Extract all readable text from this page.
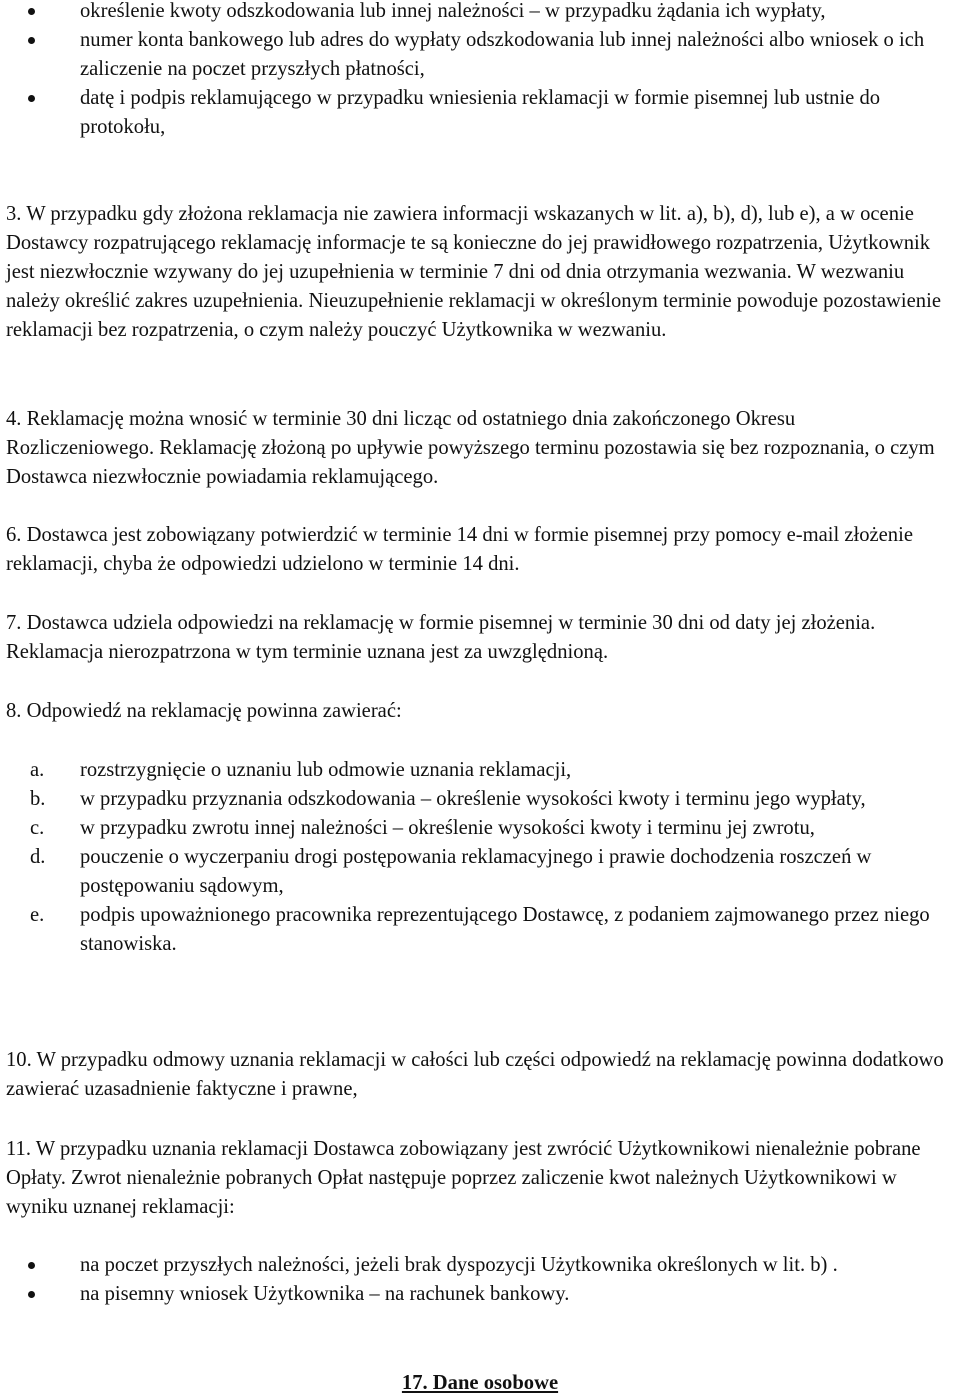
określenie kwoty odszkodowania lub innej należności – w przypadku żądania ich wypłaty,
numer konta bankowego lub adres do wypłaty odszkodowania lub innej należności albo wniosek o ich zaliczenie na poczet przyszłych płatności,
datę i podpis reklamującego w przypadku wniesienia reklamacji w formie pisemnej lub ustnie do protokołu,
3. W przypadku gdy złożona reklamacja nie zawiera informacji wskazanych w lit. a), b), d), lub e), a w ocenie Dostawcy rozpatrującego reklamację informacje te są konieczne do jej prawidłowego rozpatrzenia, Użytkownik jest niezwłocznie wzywany do jej uzupełnienia w terminie 7 dni od dnia otrzymania wezwania. W wezwaniu należy określić zakres uzupełnienia. Nieuzupełnienie reklamacji w określonym terminie powoduje pozostawienie reklamacji bez rozpatrzenia, o czym należy pouczyć Użytkownika w wezwaniu.
4. Reklamację można wnosić w terminie 30 dni licząc od ostatniego dnia zakończonego Okresu Rozliczeniowego. Reklamację złożoną po upływie powyższego terminu pozostawia się bez rozpoznania, o czym Dostawca niezwłocznie powiadamia reklamującego.
6. Dostawca jest zobowiązany potwierdzić w terminie 14 dni w formie pisemnej przy pomocy e-mail złożenie reklamacji, chyba że odpowiedzi udzielono w terminie 14 dni.
7. Dostawca udziela odpowiedzi na reklamację w formie pisemnej w terminie 30 dni od daty jej złożenia. Reklamacja nierozpatrzona w tym terminie uznana jest za uwzględnioną.
8. Odpowiedź na reklamację powinna zawierać:
a. rozstrzygnięcie o uznaniu lub odmowie uznania reklamacji,
b. w przypadku przyznania odszkodowania – określenie wysokości kwoty i terminu jego wypłaty,
c. w przypadku zwrotu innej należności – określenie wysokości kwoty i terminu jej zwrotu,
d. pouczenie o wyczerpaniu drogi postępowania reklamacyjnego i prawie dochodzenia roszczeń w postępowaniu sądowym,
e. podpis upoważnionego pracownika reprezentującego Dostawcę, z podaniem zajmowanego przez niego stanowiska.
10. W przypadku odmowy uznania reklamacji w całości lub części odpowiedź na reklamację powinna dodatkowo zawierać uzasadnienie faktyczne i prawne,
11. W przypadku uznania reklamacji Dostawca zobowiązany jest zwrócić Użytkownikowi nienależnie pobrane Opłaty. Zwrot nienależnie pobranych Opłat następuje poprzez zaliczenie kwot należnych Użytkownikowi w wyniku uznanej reklamacji:
na poczet przyszłych należności, jeżeli brak dyspozycji Użytkownika określonych w lit. b) .
na pisemny wniosek Użytkownika – na rachunek bankowy.
17. Dane osobowe
